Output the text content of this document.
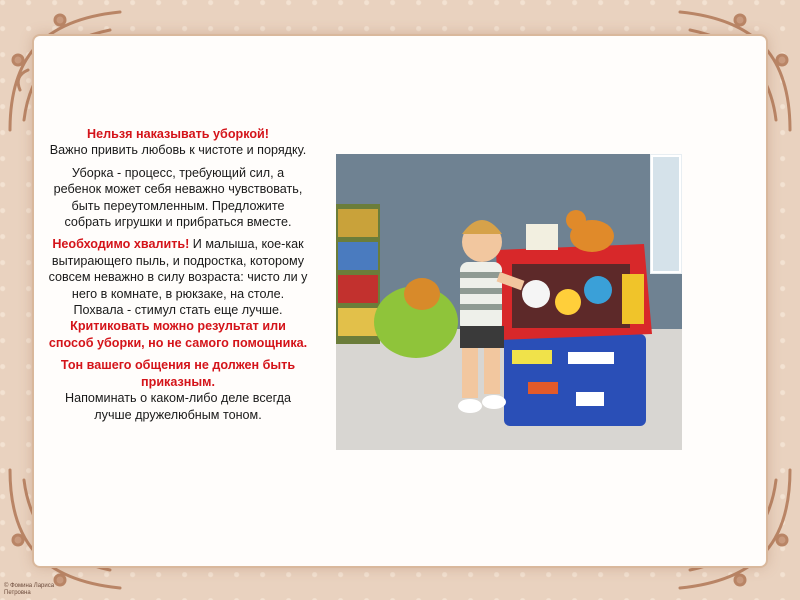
Нельзя наказывать уборкой!
Важно привить любовь к чистоте и порядку.

Уборка - процесс, требующий сил, а ребенок может себя неважно чувствовать, быть переутомленным. Предложите собрать игрушки и прибраться вместе.

Необходимо хвалить! И малыша, кое-как вытирающего пыль, и подростка, которому совсем неважно в силу возраста: чисто ли у него в комнате, в рюкзаке, на столе. Похвала - стимул стать еще лучше. Критиковать можно результат или способ уборки, но не самого помощника.

Тон вашего общения не должен быть приказным.
Напоминать о каком-либо деле всегда лучше дружелюбным тоном.

© Фомина Лариса Петровна
